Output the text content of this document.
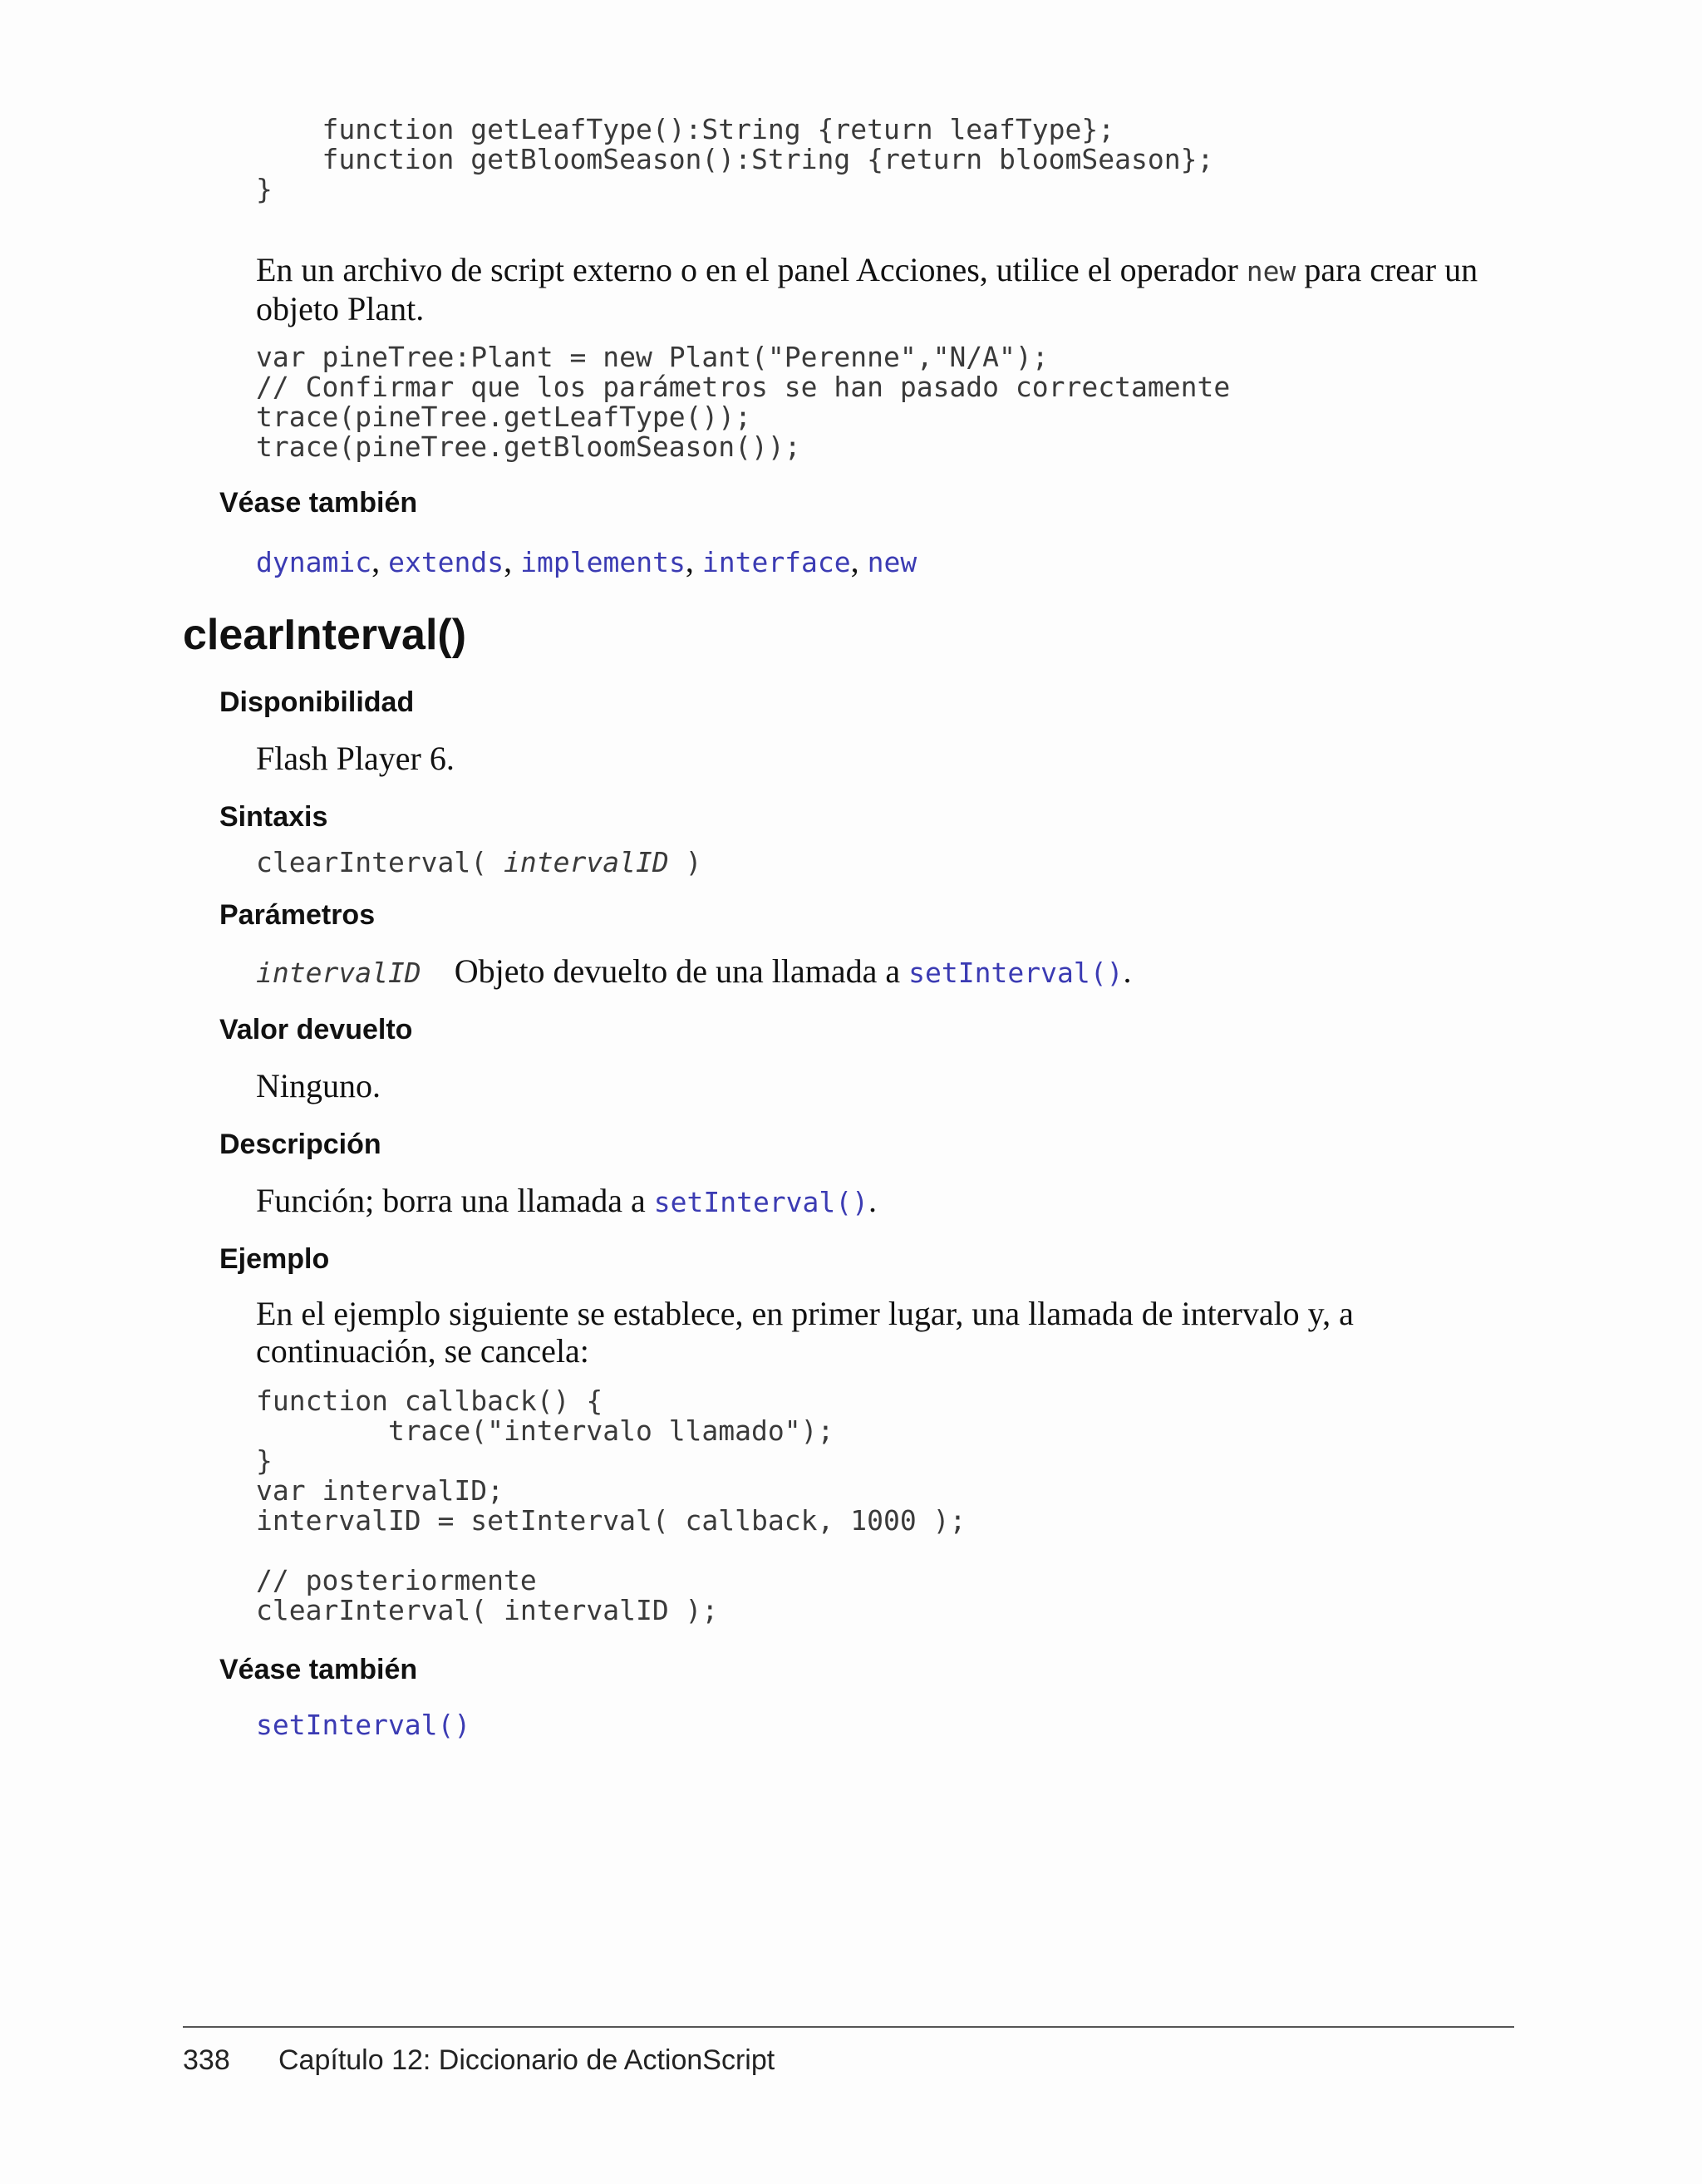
function getLeafType():String {return leafType};
function getBloomSeason():String {return bloomSeason};
}

En un archivo de script externo o en el panel Acciones, utilice el operador new para crear un objeto Plant.

var pineTree:Plant = new Plant("Perenne","N/A");
// Confirmar que los parámetros se han pasado correctamente
trace(pineTree.getLeafType());
trace(pineTree.getBloomSeason());
Véase también
dynamic, extends, implements, interface, new
clearInterval()
Disponibilidad

Flash Player 6.

Sintaxis
clearInterval( intervalID )
Parámetros
intervalID Objeto devuelto de una llamada a setInterval().
Valor devuelto

Ninguno.

Descripción
Función; borra una llamada a setInterval().
Ejemplo

En el ejemplo siguiente se establece, en primer lugar, una llamada de intervalo y, a continuación, se cancela:

function callback() {
trace("intervalo llamado");
}
var intervalID;
intervalID = setInterval( callback, 1000 );
// posteriormente
clearInterval( intervalID );
Véase también
setInterval()
338 Capítulo 12: Diccionario de ActionScript
